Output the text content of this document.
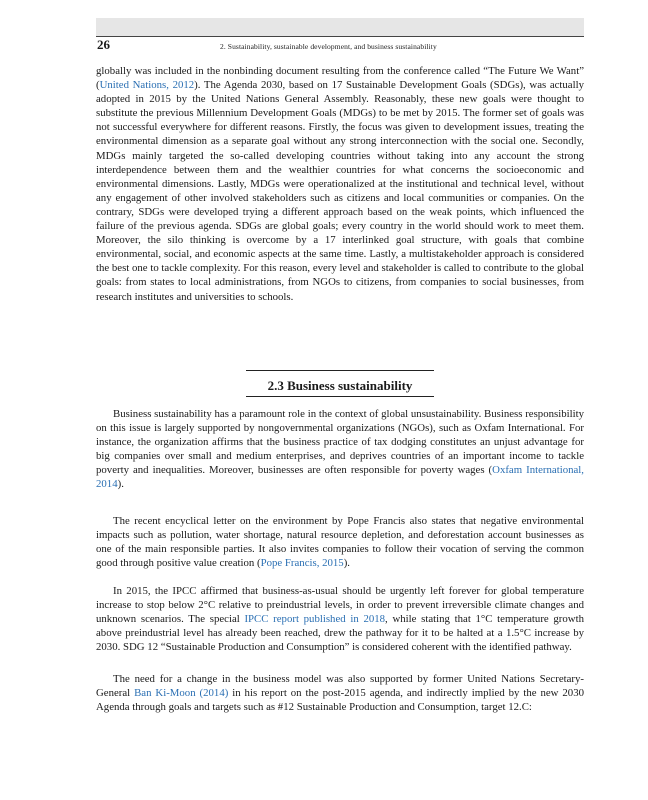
26	2. Sustainability, sustainable development, and business sustainability

globally was included in the nonbinding document resulting from the conference called “The Future We Want” (United Nations, 2012). The Agenda 2030, based on 17 Sustainable Development Goals (SDGs), was actually adopted in 2015 by the United Nations General Assembly. Reasonably, these new goals were thought to substitute the previous Millennium Development Goals (MDGs) to be met by 2015. The former set of goals was not successful everywhere for different reasons. Firstly, the focus was given to development issues, treating the environmental dimension as a separate goal without any strong interconnection with the social one. Secondly, MDGs mainly targeted the so-called developing countries without taking into any account the strong interdependence between them and the wealthier countries for what concerns the socioeconomic and environmental dimensions. Lastly, MDGs were operationalized at the institutional and technical level, without any engagement of other involved stakeholders such as citizens and local communities or companies. On the contrary, SDGs were developed trying a different approach based on the weak points, which influenced the failure of the previous agenda. SDGs are global goals; every country in the world should work to meet them. Moreover, the silo thinking is overcome by a 17 interlinked goal structure, with goals that combine environmental, social, and economic aspects at the same time. Lastly, a multistakeholder approach is considered the best one to tackle complexity. For this reason, every level and stakeholder is called to contribute to the global goals: from states to local administrations, from NGOs to citizens, from companies to social businesses, from research institutes and universities to schools.

2.3 Business sustainability

Business sustainability has a paramount role in the context of global unsustainability. Business responsibility on this issue is largely supported by nongovernmental organizations (NGOs), such as Oxfam International. For instance, the organization affirms that the business practice of tax dodging constitutes an unjust advantage for big companies over small and medium enterprises, and deprives countries of an important income to tackle poverty and inequalities. Moreover, businesses are often responsible for poverty wages (Oxfam International, 2014).

The recent encyclical letter on the environment by Pope Francis also states that negative environmental impacts such as pollution, water shortage, natural resource depletion, and deforestation account businesses as one of the main responsible parties. It also invites companies to follow their vocation of serving the common good through positive value creation (Pope Francis, 2015).

In 2015, the IPCC affirmed that business-as-usual should be urgently left forever for global temperature increase to stop below 2°C relative to preindustrial levels, in order to prevent irreversible climate changes and unknown scenarios. The special IPCC report published in 2018, while stating that 1°C temperature growth above preindustrial level has already been reached, drew the pathway for it to be halted at a 1.5°C increase by 2030. SDG 12 “Sustainable Production and Consumption” is considered coherent with the identified pathway.

The need for a change in the business model was also supported by former United Nations Secretary-General Ban Ki-Moon (2014) in his report on the post-2015 agenda, and indirectly implied by the new 2030 Agenda through goals and targets such as #12 Sustainable Production and Consumption, target 12.C:
